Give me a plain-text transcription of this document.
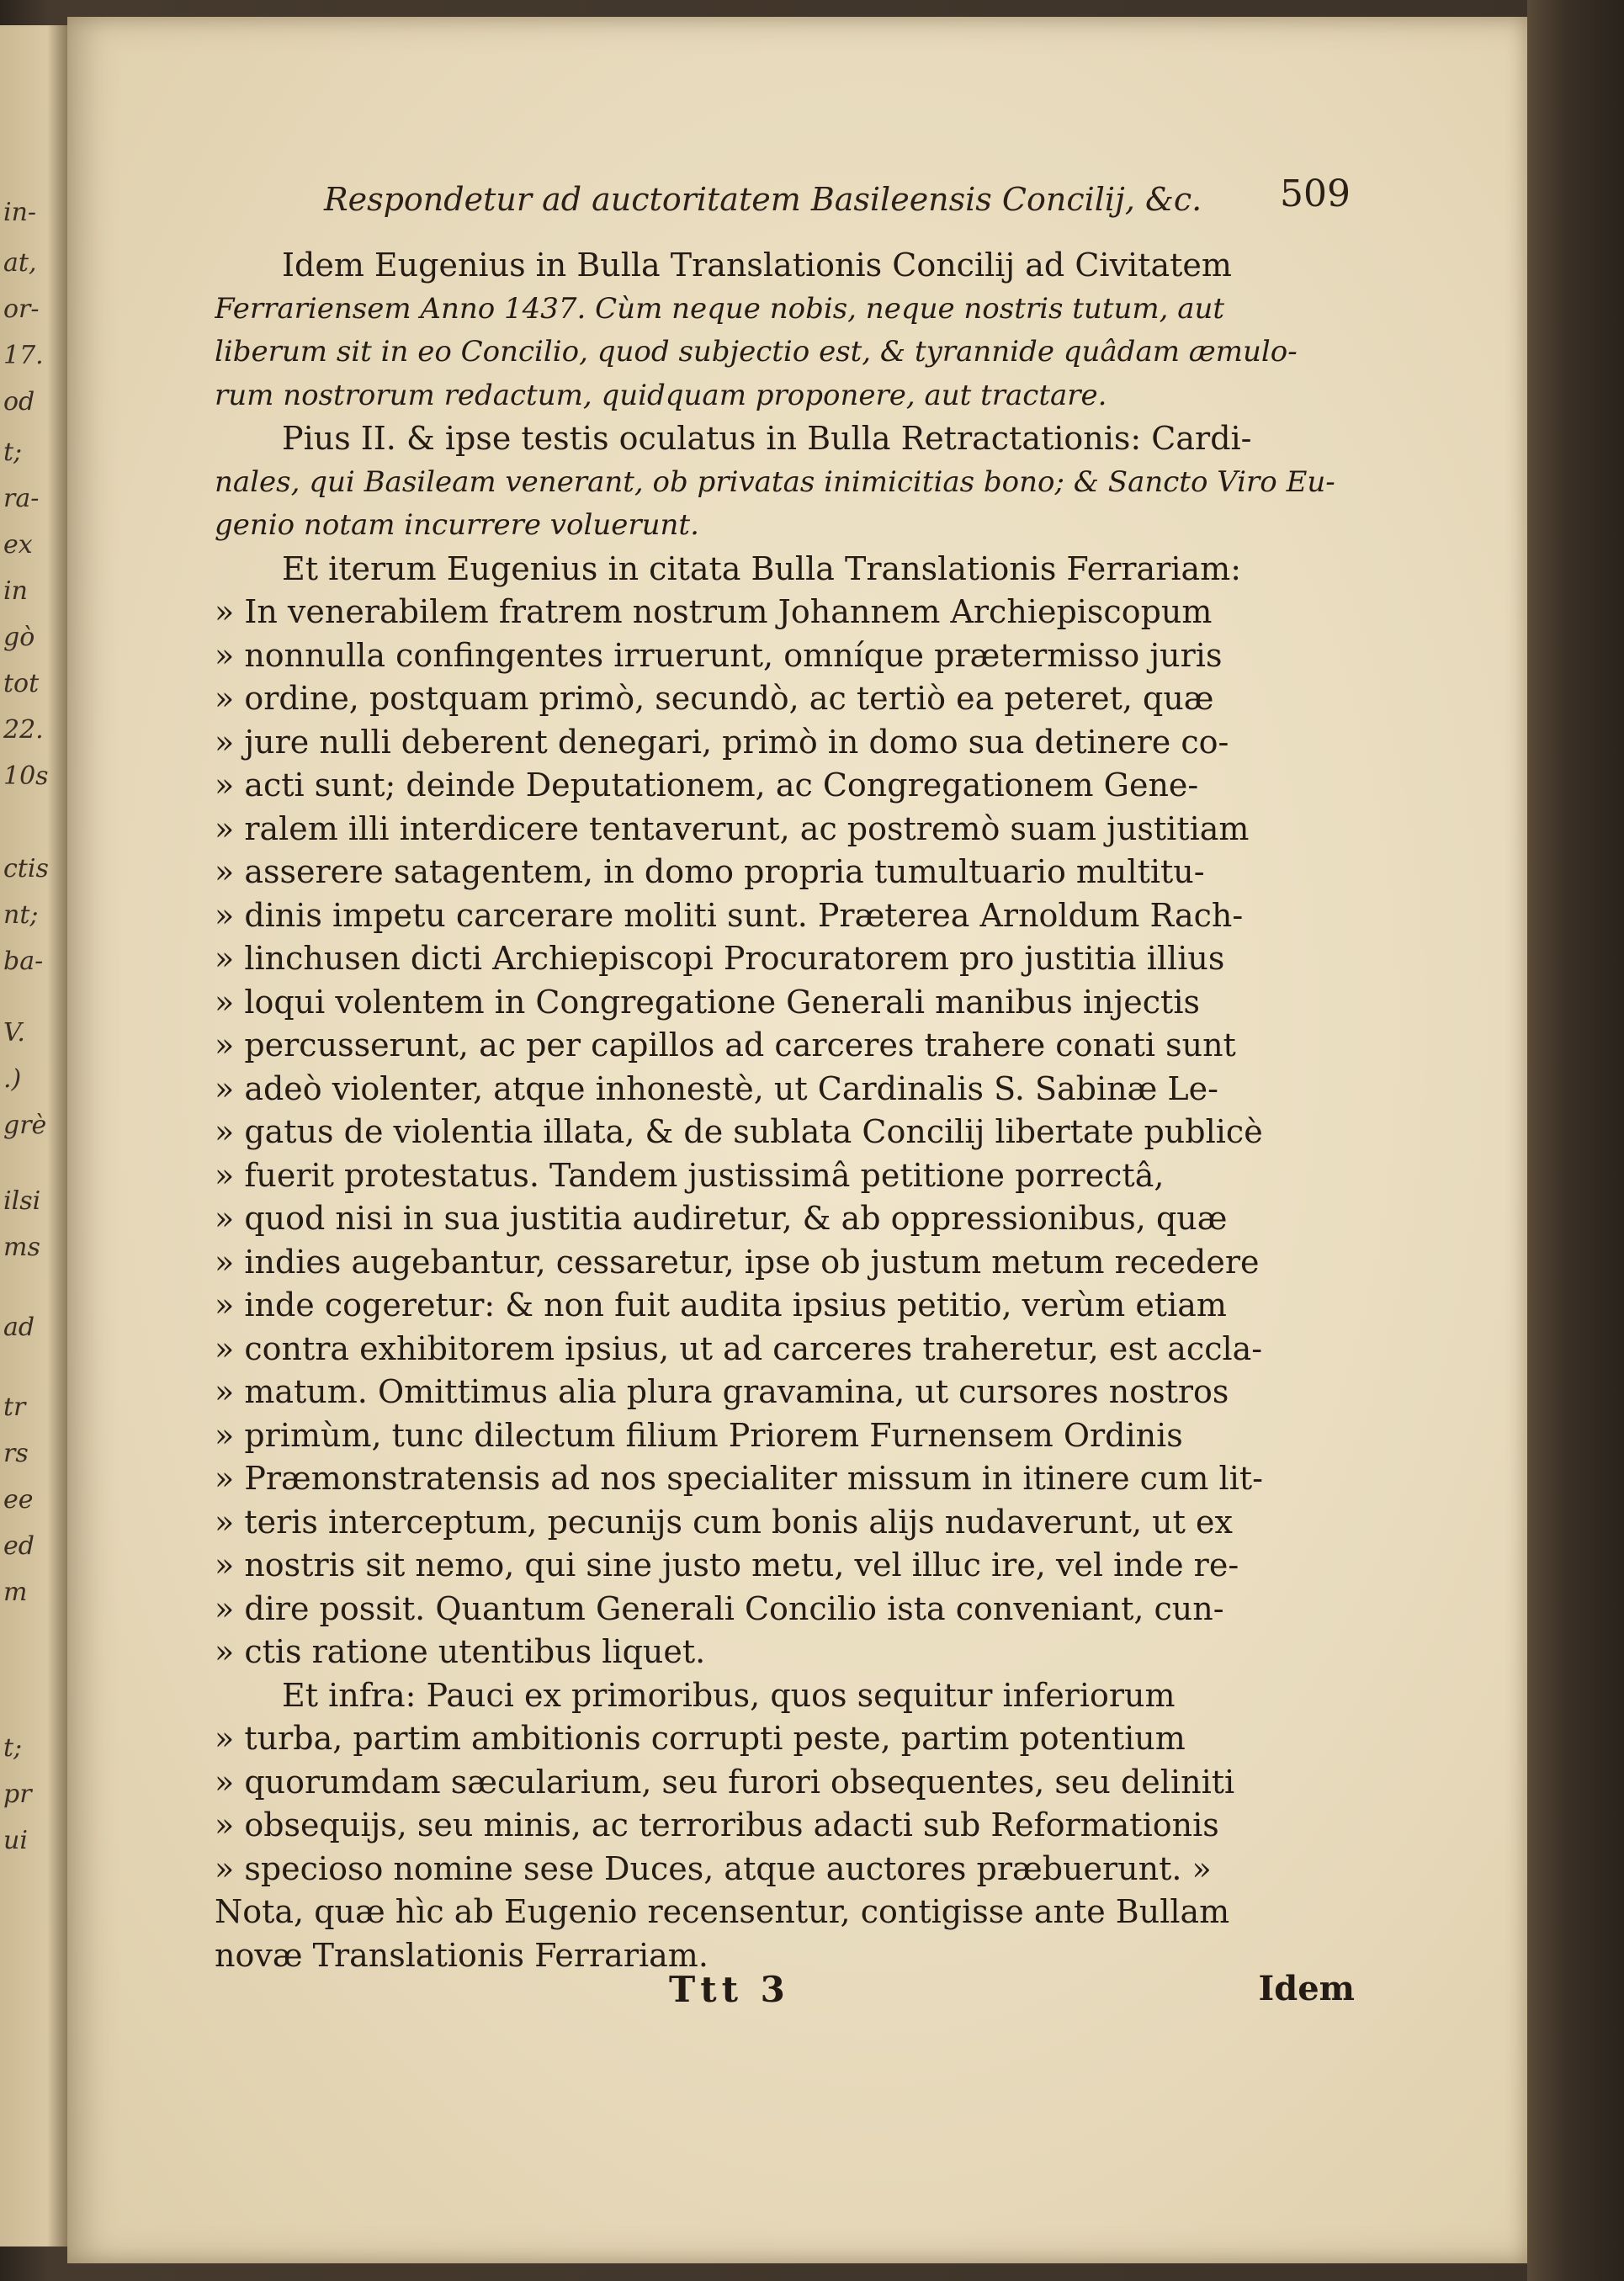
in-
at,
or-
17.
od
t;
ra-
ex
in
gò
tot
22.
10s
ctis
nt;
ba-
V.
.)
grè
ilsi
ms
ad
tr
rs
ee
ed
m
t;
pr
ui
Respondetur ad auctoritatem Basileensis Concilij, &c. 509
Idem Eugenius in Bulla Translationis Concilij ad Civitatem
Ferrariensem Anno 1437. Cùm neque nobis, neque nostris tutum, aut
liberum sit in eo Concilio, quod subjectio est, & tyrannide quâdam æmulo-
rum nostrorum redactum, quidquam proponere, aut tractare.
Pius II. & ipse testis oculatus in Bulla Retractationis: Cardi-
nales, qui Basileam venerant, ob privatas inimicitias bono; & Sancto Viro Eu-
genio notam incurrere voluerunt.
Et iterum Eugenius in citata Bulla Translationis Ferrariam:
» In venerabilem fratrem nostrum Johannem Archiepiscopum
» nonnulla confingentes irruerunt, omníque prætermisso juris
» ordine, postquam primò, secundò, ac tertiò ea peteret, quæ
» jure nulli deberent denegari, primò in domo sua detinere co-
» acti sunt; deinde Deputationem, ac Congregationem Gene-
» ralem illi interdicere tentaverunt, ac postremò suam justitiam
» asserere satagentem, in domo propria tumultuario multitu-
» dinis impetu carcerare moliti sunt. Præterea Arnoldum Rach-
» linchusen dicti Archiepiscopi Procuratorem pro justitia illius
» loqui volentem in Congregatione Generali manibus injectis
» percusserunt, ac per capillos ad carceres trahere conati sunt
» adeò violenter, atque inhonestè, ut Cardinalis S. Sabinæ Le-
» gatus de violentia illata, & de sublata Concilij libertate publicè
» fuerit protestatus. Tandem justissimâ petitione porrectâ,
» quod nisi in sua justitia audiretur, & ab oppressionibus, quæ
» indies augebantur, cessaretur, ipse ob justum metum recedere
» inde cogeretur: & non fuit audita ipsius petitio, verùm etiam
» contra exhibitorem ipsius, ut ad carceres traheretur, est accla-
» matum. Omittimus alia plura gravamina, ut cursores nostros
» primùm, tunc dilectum filium Priorem Furnensem Ordinis
» Præmonstratensis ad nos specialiter missum in itinere cum lit-
» teris interceptum, pecunijs cum bonis alijs nudaverunt, ut ex
» nostris sit nemo, qui sine justo metu, vel illuc ire, vel inde re-
» dire possit. Quantum Generali Concilio ista conveniant, cun-
» ctis ratione utentibus liquet.
Et infra: Pauci ex primoribus, quos sequitur inferiorum
» turba, partim ambitionis corrupti peste, partim potentium
» quorumdam sæcularium, seu furori obsequentes, seu deliniti
» obsequijs, seu minis, ac terroribus adacti sub Reformationis
» specioso nomine sese Duces, atque auctores præbuerunt. »
Nota, quæ hìc ab Eugenio recensentur, contigisse ante Bullam
novæ Translationis Ferrariam.
Ttt 3	Idem
